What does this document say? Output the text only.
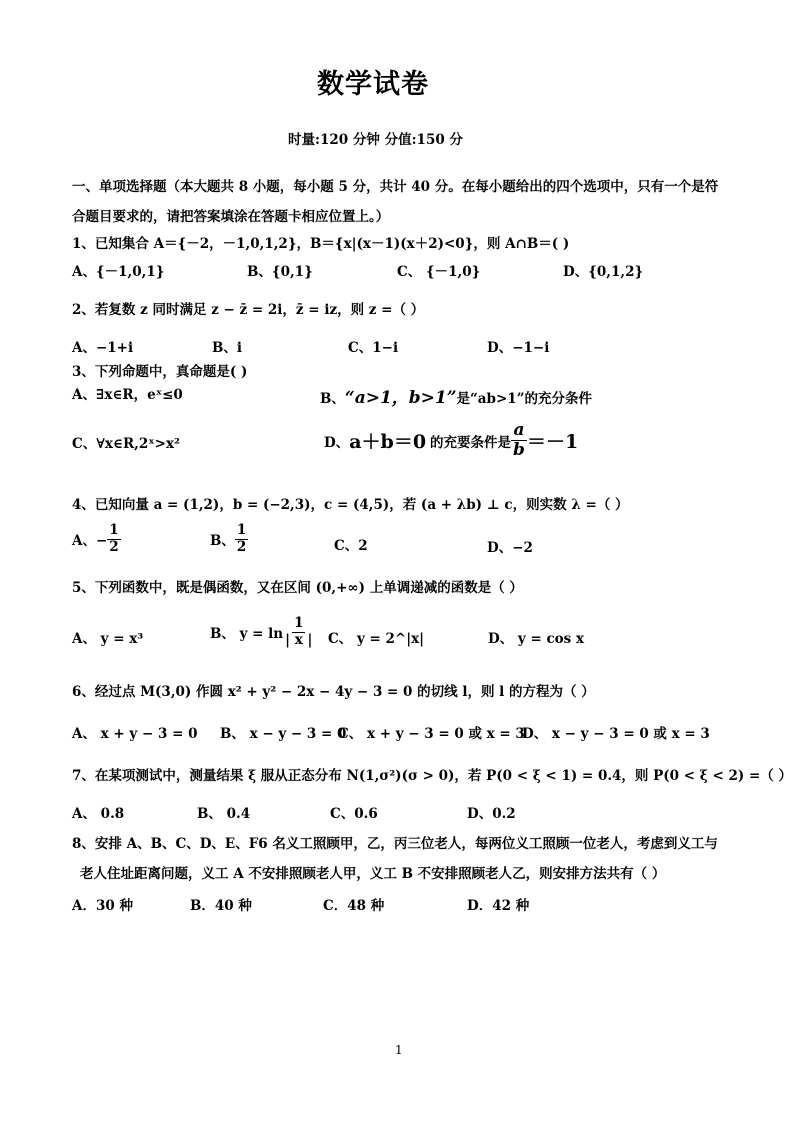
数学试卷
时量:120 分钟 分值:150 分
一、单项选择题（本大题共 8 小题，每小题 5 分，共计 40 分。在每小题给出的四个选项中，只有一个是符
合题目要求的，请把答案填涂在答题卡相应位置上。）
1、已知集合 A＝{－2，－1,0,1,2}，B＝{x|(x－1)(x＋2)<0}，则 A∩B＝( )
A、{－1,0,1}	B、{0,1}	C、 {－1,0}	D、{0,1,2}
2、若复数 z 同时满足 z − z̄ = 2i，z̄ = iz，则 z =（ ）
A、−1+i	B、i	C、1−i	D、−1−i
3、下列命题中，真命题是( )
A、∃x∈R，eˣ≤0	B、“a>1，b>1”是“ab>1”的充分条件
C、∀x∈R,2ˣ>x²	D、 a＋b＝0 的充要条件是 $\frac{a}{b} =-1$
4、已知向量 a = (1,2)，b = (−2,3)，c = (4,5)，若 (a + λb) ⊥ c，则实数 λ =（ ）
A、− $\frac{1}{2}$	B、 $\frac{1}{2}$	C、2	D、−2
5、下列函数中，既是偶函数，又在区间 (0,+∞) 上单调递减的函数是（ ）
A、 y = x³	B、 $y = \ln \frac{1}{| x |}$ C、 y = 2^|x|	D、 y = cos x
6、经过点 M(3,0) 作圆 x² + y² − 2x − 4y − 3 = 0 的切线 l，则 l 的方程为（ ）
A、 x + y − 3 = 0 B、 x − y − 3 = 0
C、 x + y − 3 = 0 或 x = 3
D、 x − y − 3 = 0 或 x = 3
7、在某项测试中，测量结果 ξ 服从正态分布 N(1,σ²)(σ > 0)，若 P(0 < ξ < 1) = 0.4，则 P(0 < ξ < 2) =（ ）
A、 0.8	B、 0.4	C、0.6	D、0.2
8、安排 A、B、C、D、E、F6 名义工照顾甲，乙，丙三位老人，每两位义工照顾一位老人，考虑到义工与
老人住址距离问题，义工 A 不安排照顾老人甲，义工 B 不安排照顾老人乙，则安排方法共有（ ）
A．30 种	B．40 种	C．48 种	D．42 种
1
